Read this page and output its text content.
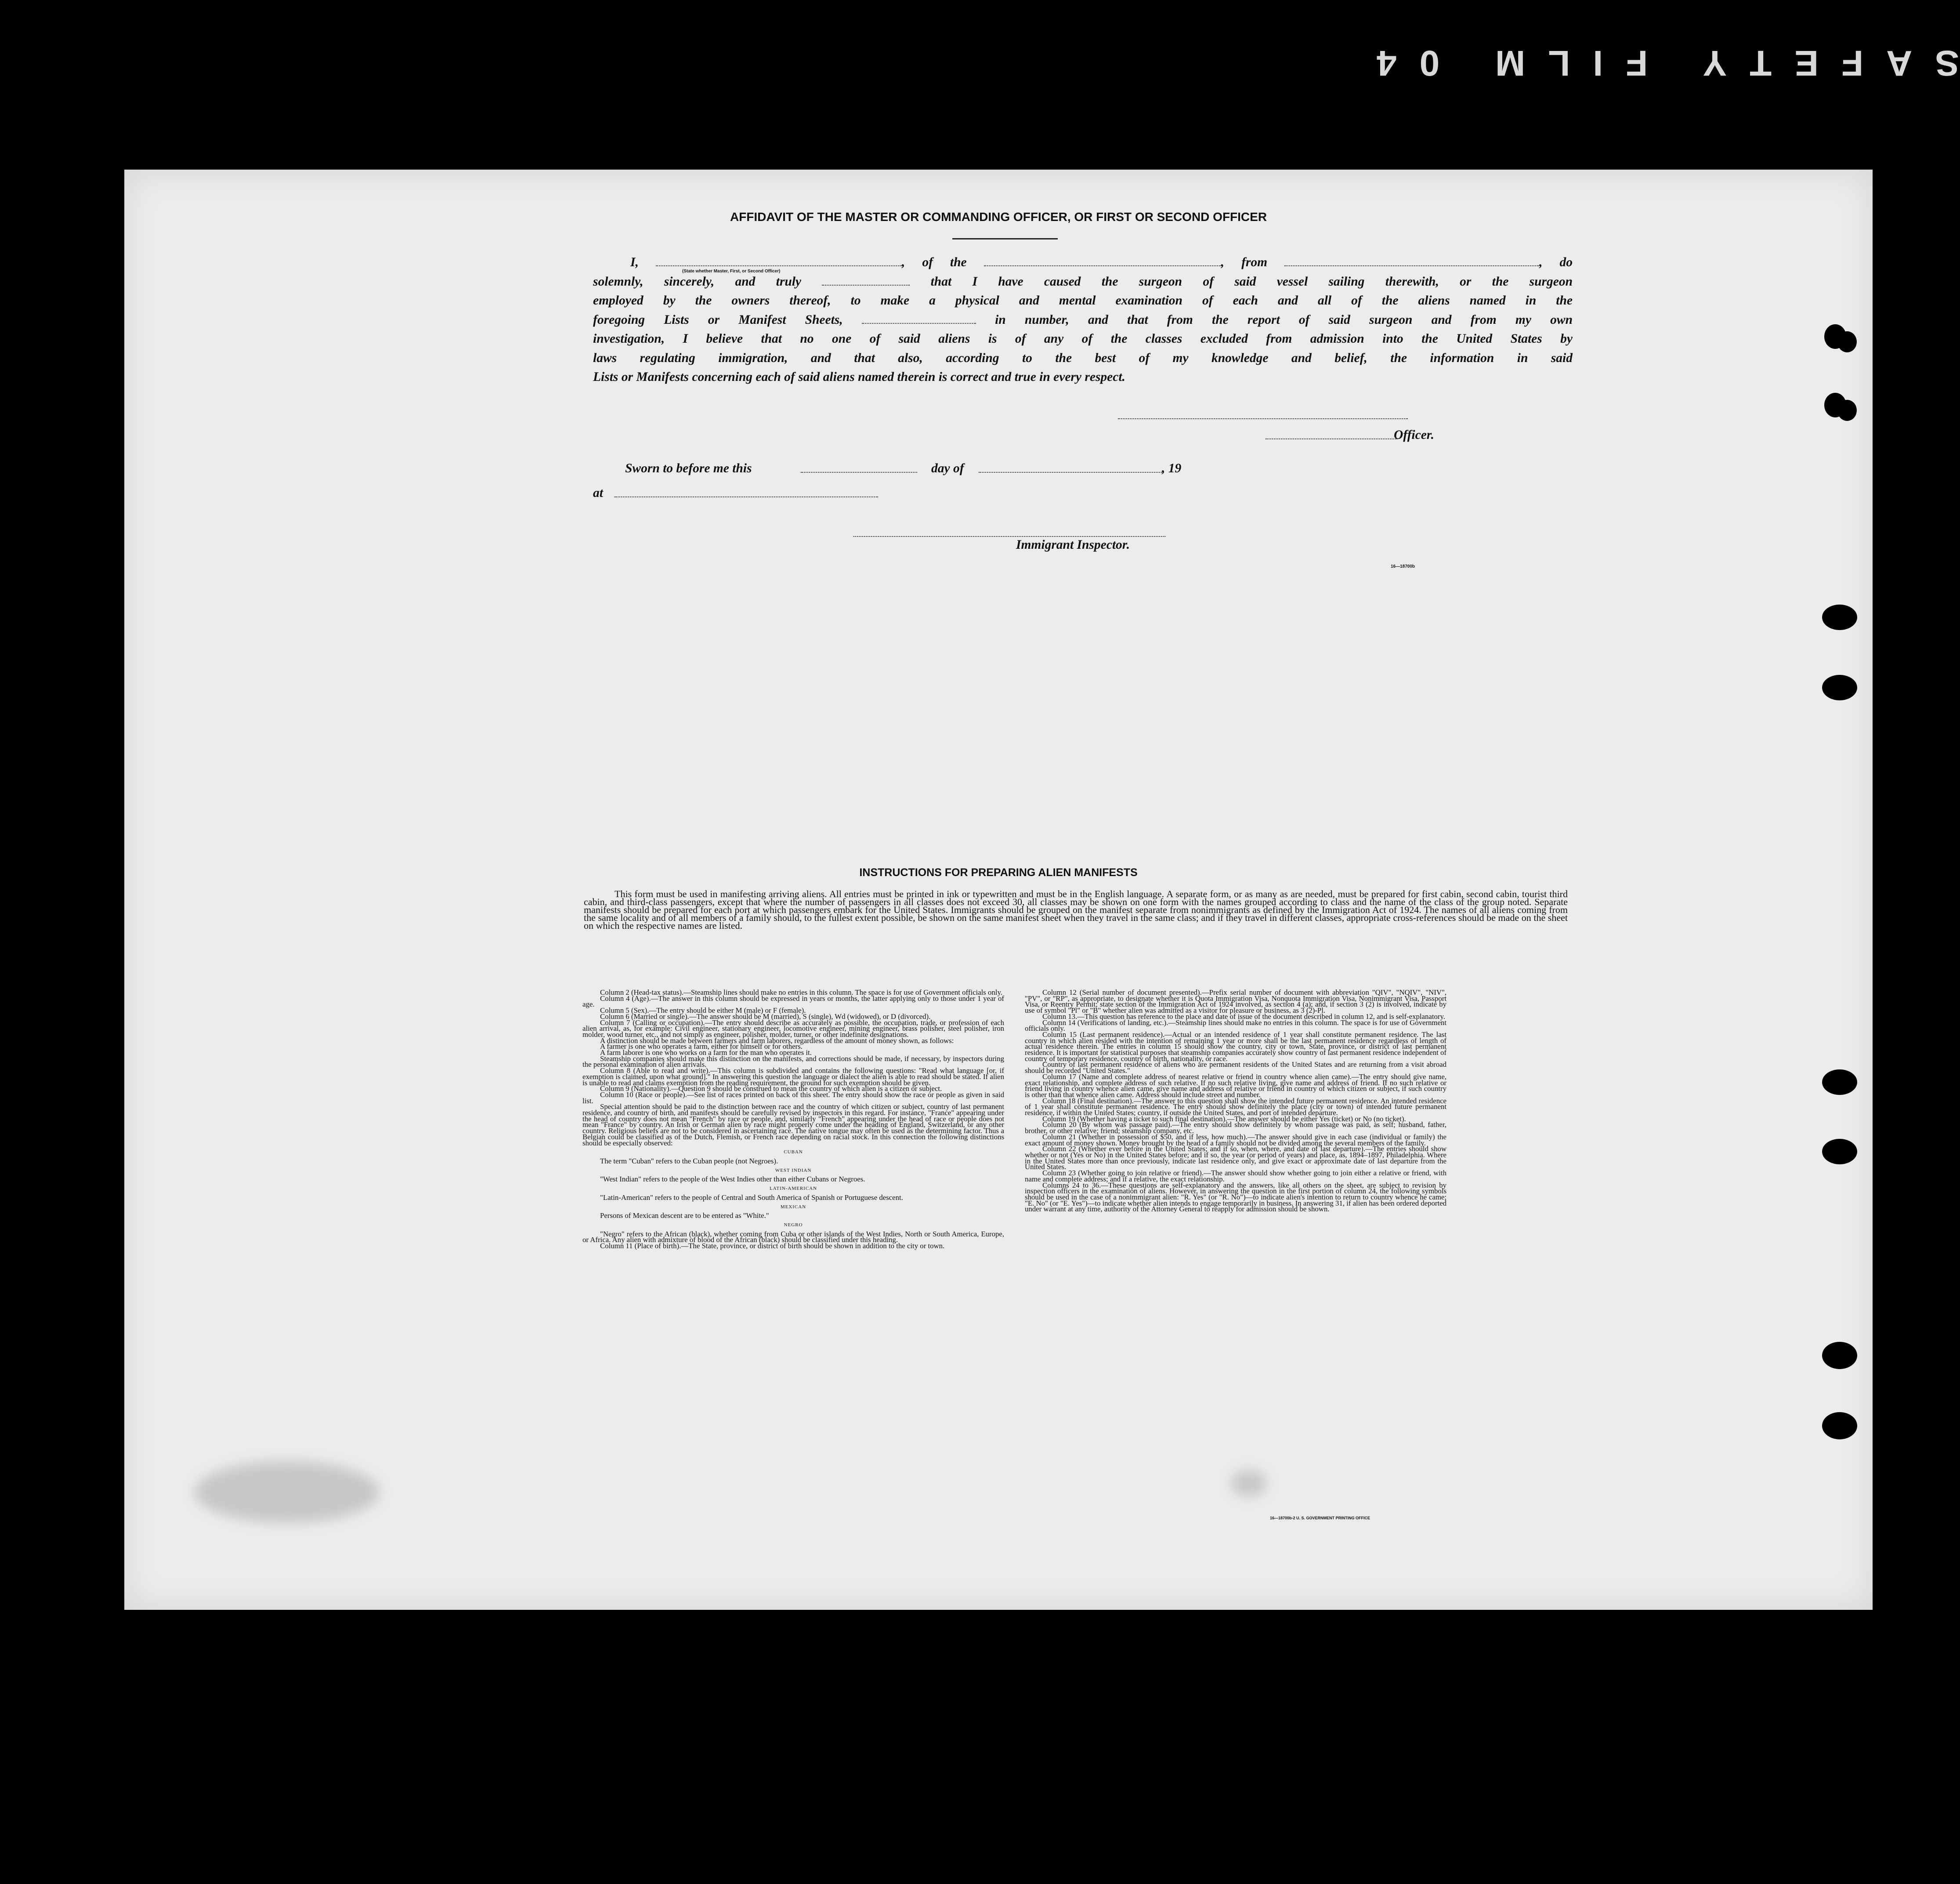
SAFETY FILM 04
AFFIDAVIT OF THE MASTER OR COMMANDING OFFICER, OR FIRST OR SECOND OFFICER
I,	, of the	, from	, do
solemnly, sincerely, and truly	that I have caused the surgeon of said vessel sailing therewith, or the surgeon
employed by the owners thereof, to make a physical and mental examination of each and all of the aliens named in the
foregoing Lists or Manifest Sheets,	in number, and that from the report of said surgeon and from my own
investigation, I believe that no one of said aliens is of any of the classes excluded from admission into the United States by
laws regulating immigration, and that also, according to the best of my knowledge and belief, the information in said
Lists or Manifests concerning each of said aliens named therein is correct and true in every respect.
(State whether Master, First, or Second Officer)
Officer.
Sworn to before me this	day of	, 19
at
Immigrant Inspector.
16—18700b
INSTRUCTIONS FOR PREPARING ALIEN MANIFESTS
This form must be used in manifesting arriving aliens. All entries must be printed in ink or typewritten and must be in the English language. A separate form, or as many as are needed, must be prepared for first cabin, second cabin, tourist third cabin, and third-class passengers, except that where the number of passengers in all classes does not exceed 30, all classes may be shown on one form with the names grouped according to class and the name of the class of the group noted. Separate manifests should be prepared for each port at which passengers embark for the United States. Immigrants should be grouped on the manifest separate from nonimmigrants as defined by the Immigration Act of 1924. The names of all aliens coming from the same locality and of all members of a family should, to the fullest extent possible, be shown on the same manifest sheet when they travel in the same class; and if they travel in different classes, appropriate cross-references should be made on the sheet on which the respective names are listed.

Column 2 (Head-tax status).—Steamship lines should make no entries in this column. The space is for use of Government officials only.

Column 4 (Age).—The answer in this column should be expressed in years or months, the latter applying only to those under 1 year of age.

Column 5 (Sex).—The entry should be either M (male) or F (female).

Column 6 (Married or single).—The answer should be M (married), S (single), Wd (widowed), or D (divorced).

Column 7 (Calling or occupation).—The entry should describe as accurately as possible, the occupation, trade, or profession of each alien arrival, as, for example: Civil engineer, stationary engineer, locomotive engineer, mining engineer, brass polisher, steel polisher, iron molder, wood turner, etc., and not simply as engineer, polisher, molder, turner, or other indefinite designations.

A distinction should be made between farmers and farm laborers, regardless of the amount of money shown, as follows:

A farmer is one who operates a farm, either for himself or for others.

A farm laborer is one who works on a farm for the man who operates it.

Steamship companies should make this distinction on the manifests, and corrections should be made, if necessary, by inspectors during the personal examination of alien arrivals.

Column 8 (Able to read and write).—This column is subdivided and contains the following questions: "Read what language [or, if exemption is claimed, upon what ground]." In answering this question the language or dialect the alien is able to read should be stated. If alien is unable to read and claims exemption from the reading requirement, the ground for such exemption should be given.

Column 9 (Nationality).—Question 9 should be construed to mean the country of which alien is a citizen or subject.

Column 10 (Race or people).—See list of races printed on back of this sheet. The entry should show the race or people as given in said list.

Special attention should be paid to the distinction between race and the country of which citizen or subject, country of last permanent residence, and country of birth, and manifests should be carefully revised by inspectors in this regard. For instance, "France" appearing under the head of country does not mean "French" by race or people, and, similarly "French" appearing under the head of race or people does not mean "France" by country. An Irish or German alien by race might properly come under the heading of England, Switzerland, or any other country. Religious beliefs are not to be considered in ascertaining race. The native tongue may often be used as the determining factor. Thus a Belgian could be classified as of the Dutch, Flemish, or French race depending on racial stock. In this connection the following distinctions should be especially observed:

CUBAN

The term "Cuban" refers to the Cuban people (not Negroes).

WEST INDIAN

"West Indian" refers to the people of the West Indies other than either Cubans or Negroes.

LATIN-AMERICAN

"Latin-American" refers to the people of Central and South America of Spanish or Portuguese descent.

MEXICAN

Persons of Mexican descent are to be entered as "White."

NEGRO

"Negro" refers to the African (black), whether coming from Cuba or other islands of the West Indies, North or South America, Europe, or Africa. Any alien with admixture of blood of the African (black) should be classified under this heading.

Column 11 (Place of birth).—The State, province, or district of birth should be shown in addition to the city or town.

Column 12 (Serial number of document presented).—Prefix serial number of document with abbreviation "QIV", "NQIV", "NIV", "PV", or "RP", as appropriate, to designate whether it is Quota Immigration Visa, Nonquota Immigration Visa, Nonimmigrant Visa, Passport Visa, or Reentry Permit; state section of the Immigration Act of 1924 involved, as section 4 (a); and, if section 3 (2) is involved, indicate by use of symbol "Pl" or "B" whether alien was admitted as a visitor for pleasure or business, as 3 (2)-Pl.

Column 13.—This question has reference to the place and date of issue of the document described in column 12, and is self-explanatory.

Column 14 (Verifications of landing, etc.).—Steamship lines should make no entries in this column. The space is for use of Government officials only.

Column 15 (Last permanent residence).—Actual or an intended residence of 1 year shall constitute permanent residence. The last country in which alien resided with the intention of remaining 1 year or more shall be the last permanent residence regardless of length of actual residence therein. The entries in column 15 should show the country, city or town, State, province, or district of last permanent residence. It is important for statistical purposes that steamship companies accurately show country of last permanent residence independent of country of temporary residence, country of birth, nationality, or race.

Country of last permanent residence of aliens who are permanent residents of the United States and are returning from a visit abroad should be recorded "United States."

Column 17 (Name and complete address of nearest relative or friend in country whence alien came).—The entry should give name, exact relationship, and complete address of such relative. If no such relative living, give name and address of friend. If no such relative or friend living in country whence alien came, give name and address of relative or friend in country of which citizen or subject, if such country is other than that whence alien came. Address should include street and number.

Column 18 (Final destination).—The answer to this question shall show the intended future permanent residence. An intended residence of 1 year shall constitute permanent residence. The entry should show definitely the place (city or town) of intended future permanent residence, if within the United States; country, if outside the United States, and port of intended departure.

Column 19 (Whether having a ticket to such final destination).—The answer should be either Yes (ticket) or No (no ticket).

Column 20 (By whom was passage paid).—The entry should show definitely by whom passage was paid, as self; husband, father, brother, or other relative; friend; steamship company, etc.

Column 21 (Whether in possession of $50, and if less, how much).—The answer should give in each case (individual or family) the exact amount of money shown. Money brought by the head of a family should not be divided among the several members of the family.

Column 22 (Whether ever before in the United States; and if so, when, where, and date of last departure).—The entries should show whether or not (Yes or No) in the United States before; and if so, the year (or period of years) and place, as, 1894–1897, Philadelphia. Where in the United States more than once previously, indicate last residence only, and give exact or approximate date of last departure from the United States.

Column 23 (Whether going to join relative or friend).—The answer should show whether going to join either a relative or friend, with name and complete address; and if a relative, the exact relationship.

Columns 24 to 36.—These questions are self-explanatory and the answers, like all others on the sheet, are subject to revision by inspection officers in the examination of aliens. However, in answering the question in the first portion of column 24, the following symbols should be used in the case of a nonimmigrant alien: "R. Yes" (or "R. No")—to indicate alien's intention to return to country whence he came; "E. No" (or "E. Yes")—to indicate whether alien intends to engage temporarily in business. In answering 31, if alien has been ordered deported under warrant at any time, authority of the Attorney General to reapply for admission should be shown.

16—18700b-2 U. S. GOVERNMENT PRINTING OFFICE
